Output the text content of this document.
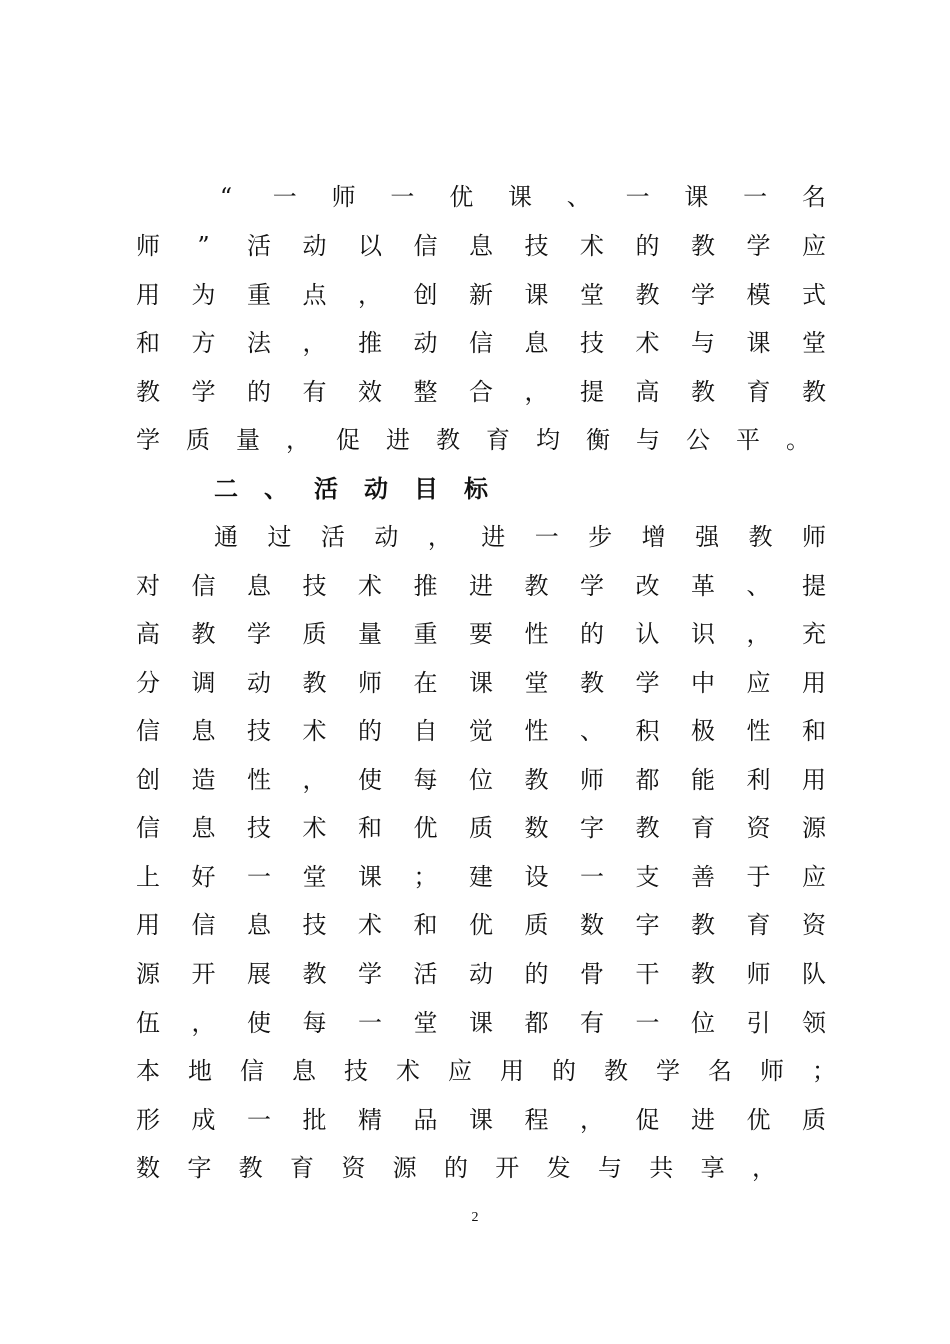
“ 一 师 一 优 课 、 一 课 一 名
师 ” 活 动 以 信 息 技 术 的 教 学 应
用 为 重 点 ， 创 新 课 堂 教 学 模 式
和 方 法 ， 推 动 信 息 技 术 与 课 堂
教 学 的 有 效 整 合 ， 提 高 教 育 教
学 质 量 ， 促 进 教 育 均 衡 与 公 平 。
二 、 活 动 目 标
通 过 活 动 ， 进 一 步 增 强 教 师
对 信 息 技 术 推 进 教 学 改 革 、 提
高 教 学 质 量 重 要 性 的 认 识 ， 充
分 调 动 教 师 在 课 堂 教 学 中 应 用
信 息 技 术 的 自 觉 性 、 积 极 性 和
创 造 性 ， 使 每 位 教 师 都 能 利 用
信 息 技 术 和 优 质 数 字 教 育 资 源
上 好 一 堂 课 ； 建 设 一 支 善 于 应
用 信 息 技 术 和 优 质 数 字 教 育 资
源 开 展 教 学 活 动 的 骨 干 教 师 队
伍 ， 使 每 一 堂 课 都 有 一 位 引 领
本 地 信 息 技 术 应 用 的 教 学 名 师 ；
形 成 一 批 精 品 课 程 ， 促 进 优 质
数 字 教 育 资 源 的 开 发 与 共 享 ，
2
